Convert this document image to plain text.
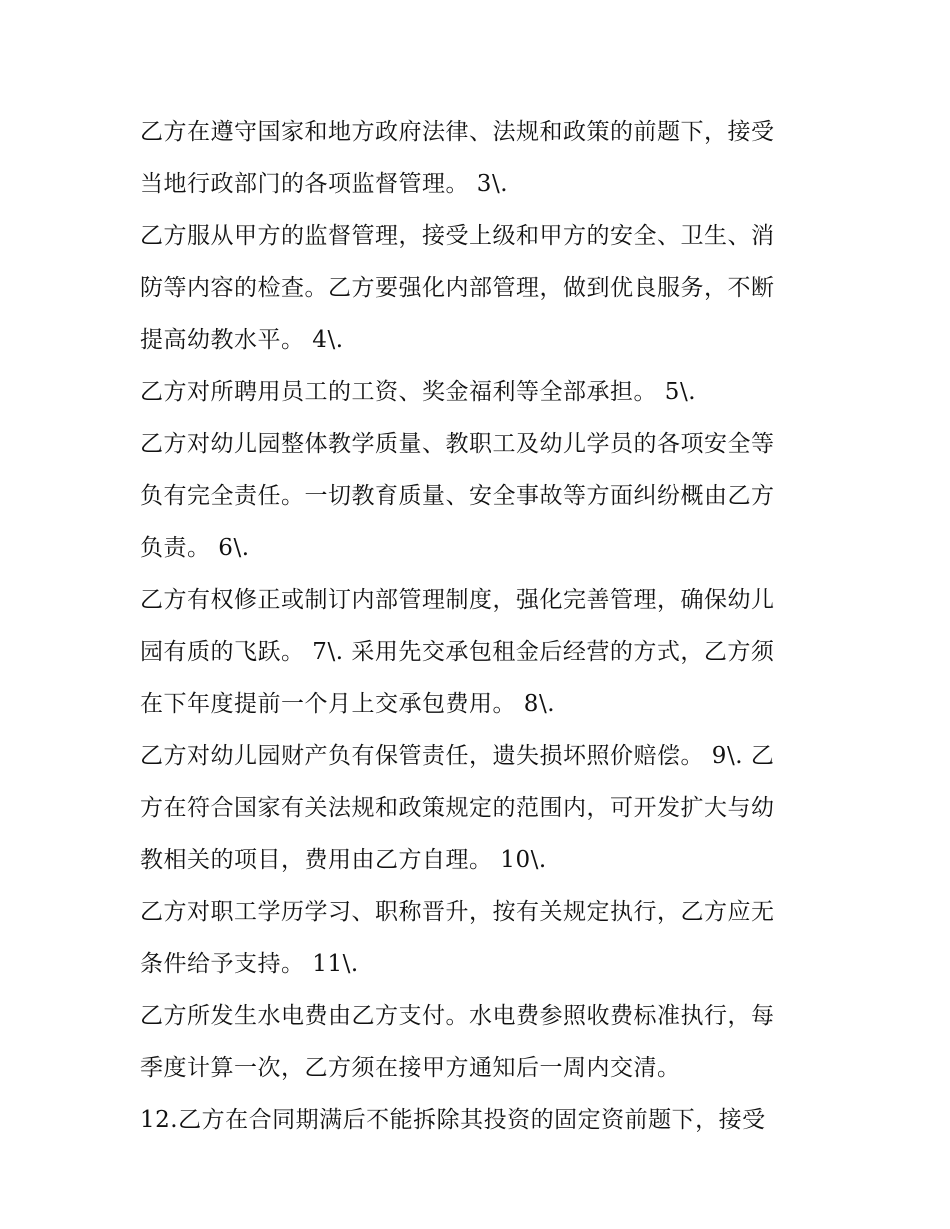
乙方在遵守国家和地方政府法律、法规和政策的前题下，接受
当地行政部门的各项监督管理。 3\.
乙方服从甲方的监督管理，接受上级和甲方的安全、卫生、消
防等内容的检查。乙方要强化内部管理，做到优良服务，不断
提高幼教水平。 4\.
乙方对所聘用员工的工资、奖金福利等全部承担。 5\.
乙方对幼儿园整体教学质量、教职工及幼儿学员的各项安全等
负有完全责任。一切教育质量、安全事故等方面纠纷概由乙方
负责。 6\.
乙方有权修正或制订内部管理制度，强化完善管理，确保幼儿
园有质的飞跃。 7\. 采用先交承包租金后经营的方式，乙方须
在下年度提前一个月上交承包费用。 8\.
乙方对幼儿园财产负有保管责任，遗失损坏照价赔偿。 9\. 乙
方在符合国家有关法规和政策规定的范围内，可开发扩大与幼
教相关的项目，费用由乙方自理。 10\.
乙方对职工学历学习、职称晋升，按有关规定执行，乙方应无
条件给予支持。 11\.
乙方所发生水电费由乙方支付。水电费参照收费标准执行，每
季度计算一次，乙方须在接甲方通知后一周内交清。
12.乙方在合同期满后不能拆除其投资的固定资前题下，接受
